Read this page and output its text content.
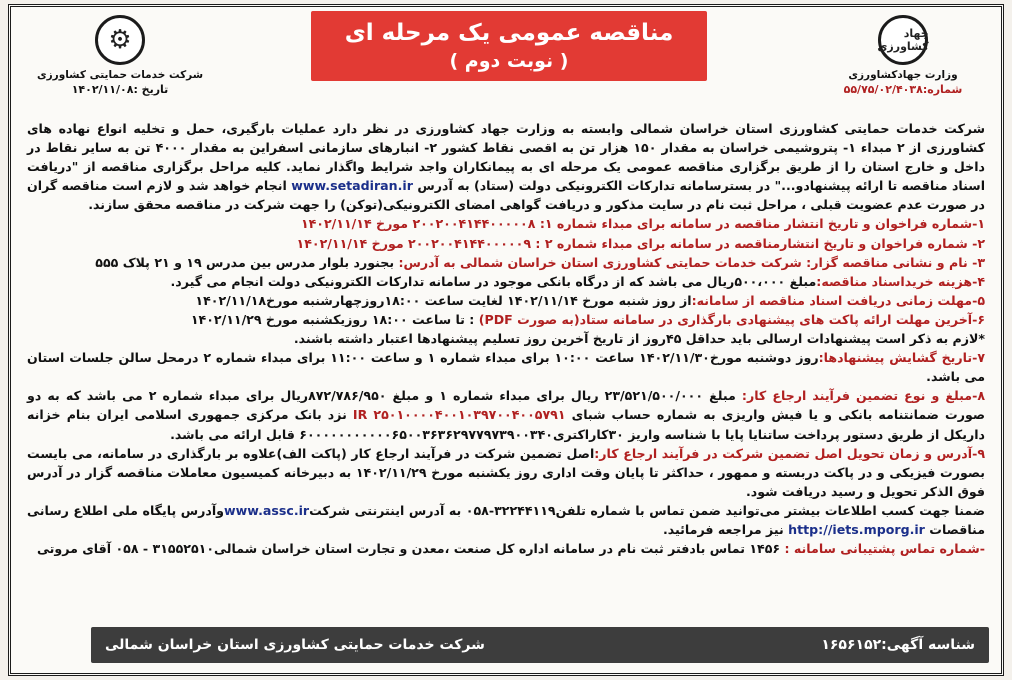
جهاد کشاورزی
وزارت جهادکشاورزی
شماره:۵۵/۷۵/۰۲/۴۰۳۸
مناقصه عمومی یک مرحله ای
( نوبت دوم )
⚙
شرکت خدمات حمایتی کشاورزی
تاریخ :۱۴۰۲/۱۱/۰۸

شرکت خدمات حمایتی کشاورزی استان خراسان شمالی وابسته به وزارت جهاد کشاورزی در نظر دارد عملیات بارگیری، حمل و تخلیه انواع نهاده های کشاورزی از ۲ مبداء ۱- پتروشیمی خراسان به مقدار ۱۵۰ هزار تن به اقصی نقاط کشور ۲- انبارهای سازمانی اسفراین به مقدار ۴۰۰۰ تن به سایر نقاط در داخل و خارج استان را از طریق برگزاری مناقصه عمومی یک مرحله ای به پیمانکاران واجد شرایط واگذار نماید. کلیه مراحل برگزاری مناقصه از "دریافت اسناد مناقصه تا ارائه پیشنهادو..." در بسترسامانه تدارکات الکترونیکی دولت (ستاد) به آدرس www.setadiran.ir انجام خواهد شد و لازم است مناقصه گران در صورت عدم عضویت قبلی ، مراحل ثبت نام در سایت مذکور و دریافت گواهی امضای الکترونیکی(توکن) را جهت شرکت در مناقصه محقق سازند.

۱-شماره فراخوان و تاریخ انتشار مناقصه در سامانه برای مبداء شماره ۱: ۲۰۰۲۰۰۴۱۴۴۰۰۰۰۰۸ مورخ ۱۴۰۲/۱۱/۱۴

۲- شماره فراخوان و تاریخ انتشارمناقصه در سامانه برای مبداء شماره ۲ : ۲۰۰۲۰۰۴۱۴۴۰۰۰۰۰۹ مورخ ۱۴۰۲/۱۱/۱۴

۳- نام و نشانی مناقصه گزار: شرکت خدمات حمایتی کشاورزی استان خراسان شمالی به آدرس: بجنورد بلوار مدرس بین مدرس ۱۹ و ۲۱ پلاک ۵۵۵

۴-هزینه خریداسناد مناقصه:مبلغ ۵۰۰،۰۰۰ریال می باشد که از درگاه بانکی موجود در سامانه تدارکات الکترونیکی دولت انجام می گیرد.

۵-مهلت زمانی دریافت اسناد مناقصه از سامانه:از روز شنبه مورخ ۱۴۰۲/۱۱/۱۴ لغایت ساعت ۱۸:۰۰روزچهارشنبه مورخ۱۴۰۲/۱۱/۱۸

۶-آخرین مهلت ارائه پاکت های پیشنهادی بارگذاری در سامانه ستاد(به صورت PDF) : تا ساعت ۱۸:۰۰ روزیکشنبه مورخ ۱۴۰۲/۱۱/۲۹

*لازم به ذکر است پیشنهادات ارسالی باید حداقل ۴۵روز از تاریخ آخرین روز تسلیم پیشنهادها اعتبار داشته باشند.

۷-تاریخ گشایش پیشنهادها:روز دوشنبه مورخ۱۴۰۲/۱۱/۳۰ ساعت ۱۰:۰۰ برای مبداء شماره ۱ و ساعت ۱۱:۰۰ برای مبداء شماره ۲ درمحل سالن جلسات استان می باشد.

۸-مبلغ و نوع تضمین فرآیند ارجاع کار: مبلغ ۲۳/۵۲۱/۵۰۰/۰۰۰ ریال برای مبداء شماره ۱ و مبلغ ۸۷۲/۷۸۶/۹۵۰ریال برای مبداء شماره ۲ می باشد که به دو صورت ضمانتنامه بانکی و یا فیش واریزی به شماره حساب شبای IR ۲۵۰۱۰۰۰۰۴۰۰۱۰۳۹۷۰۰۴۰۰۵۷۹۱ نزد بانک مرکزی جمهوری اسلامی ایران بنام خزانه داریکل از طریق دستور پرداخت ساتنایا پایا با شناسه واریز ۳۰کاراکتری۶۰۰۰۰۰۰۰۰۰۰۰۶۵۰۰۳۶۳۶۲۹۷۷۹۷۳۹۰۰۳۴۰ قابل ارائه می باشد.

۹-آدرس و زمان تحویل اصل تضمین شرکت در فرآیند ارجاع کار:اصل تضمین شرکت در فرآیند ارجاع کار (پاکت الف)علاوه بر بارگذاری در سامانه، می بایست بصورت فیزیکی و در پاکت دربسته و ممهور ، حداکثر تا پایان وقت اداری روز یکشنبه مورخ ۱۴۰۲/۱۱/۲۹ به دبیرخانه کمیسیون معاملات مناقصه گزار در آدرس فوق الذکر تحویل و رسید دریافت شود.

ضمنا جهت کسب اطلاعات بیشتر می‌توانید ضمن تماس با شماره تلفن۳۲۲۴۴۱۱۹-۰۵۸ به آدرس اینترنتی شرکتwww.assc.irوآدرس پایگاه ملی اطلاع رسانی مناقصات http://iets.mporg.ir نیز مراجعه فرمائید.

-شماره تماس پشتیبانی سامانه : ۱۴۵۶ تماس بادفتر ثبت نام در سامانه اداره کل صنعت ،معدن و تجارت استان خراسان شمالی۳۱۵۵۲۵۱۰ - ۰۵۸ آقای مروتی

شناسه آگهی:۱۶۵۶۱۵۲
شرکت خدمات حمایتی کشاورزی استان خراسان شمالی
